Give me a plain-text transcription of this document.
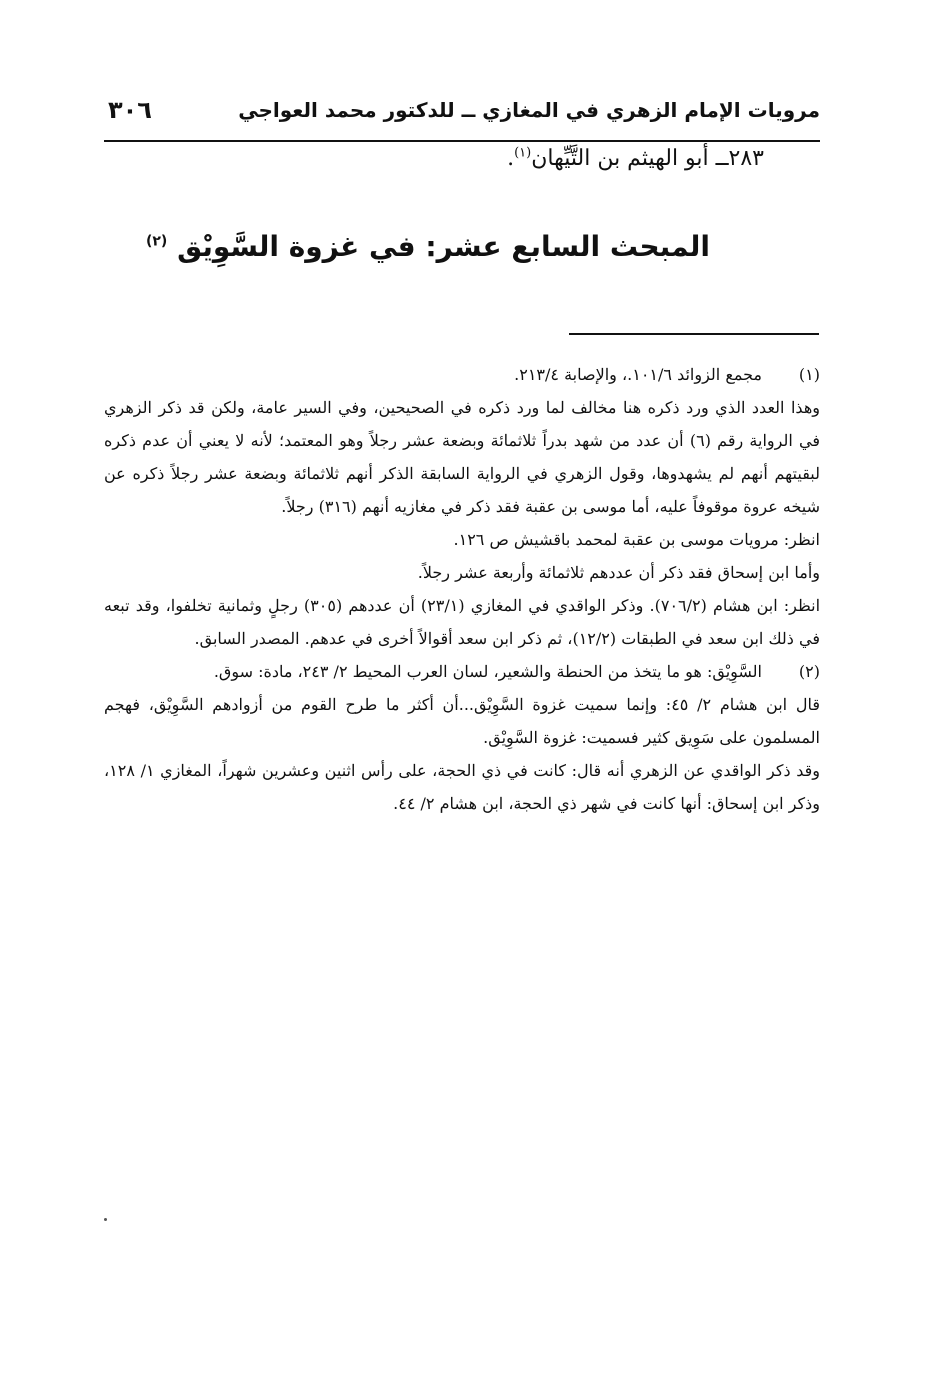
مرويات الإمام الزهري في المغازي ــ للدكتور محمد العواجي
٣٠٦
٢٨٣ــ أبو الهيثم بن التَّيِّهان$^{(١)}$.
المبحث السابع عشر: في غزوة السَّوِيْق $^{(٢)}$

(١)
مجمع الزوائد ١٠١/٦.، والإصابة ٢١٣/٤.

وهذا العدد الذي ورد ذكره هنا مخالف لما ورد ذكره في الصحيحين، وفي السير عامة، ولكن قد ذكر الزهري في الرواية رقم (٦) أن عدد من شهد بدراً ثلاثمائة وبضعة عشر رجلاً وهو المعتمد؛ لأنه لا يعني أن عدم ذكره لبقيتهم أنهم لم يشهدوها، وقول الزهري في الرواية السابقة الذكر أنهم ثلاثمائة وبضعة عشر رجلاً ذكره عن شيخه عروة موقوفاً عليه، أما موسى بن عقبة فقد ذكر في مغازيه أنهم (٣١٦) رجلاً.

انظر: مرويات موسى بن عقبة لمحمد باقشيش ص ١٢٦.

وأما ابن إسحاق فقد ذكر أن عددهم ثلاثمائة وأربعة عشر رجلاً.

انظر: ابن هشام (٧٠٦/٢). وذكر الواقدي في المغازي (٢٣/١) أن عددهم (٣٠٥) رجلٍ وثمانية تخلفوا، وقد تبعه في ذلك ابن سعد في الطبقات (١٢/٢)، ثم ذكر ابن سعد أقوالاً أخرى في عدهم. المصدر السابق.

(٢)
السَّوِيْق: هو ما يتخذ من الحنطة والشعير، لسان العرب المحيط ٢/ ٢٤٣، مادة: سوق.

قال ابن هشام ٢/ ٤٥: وإنما سميت غزوة السَّوِيْق...أن أكثر ما طرح القوم من أزوادهم السَّوِيْق، فهجم المسلمون على سَوِيق كثير فسميت: غزوة السَّوِيْق.

وقد ذكر الواقدي عن الزهري أنه قال: كانت في ذي الحجة، على رأس اثنين وعشرين شهراً، المغازي ١/ ١٢٨، وذكر ابن إسحاق: أنها كانت في شهر ذي الحجة، ابن هشام ٢/ ٤٤.
